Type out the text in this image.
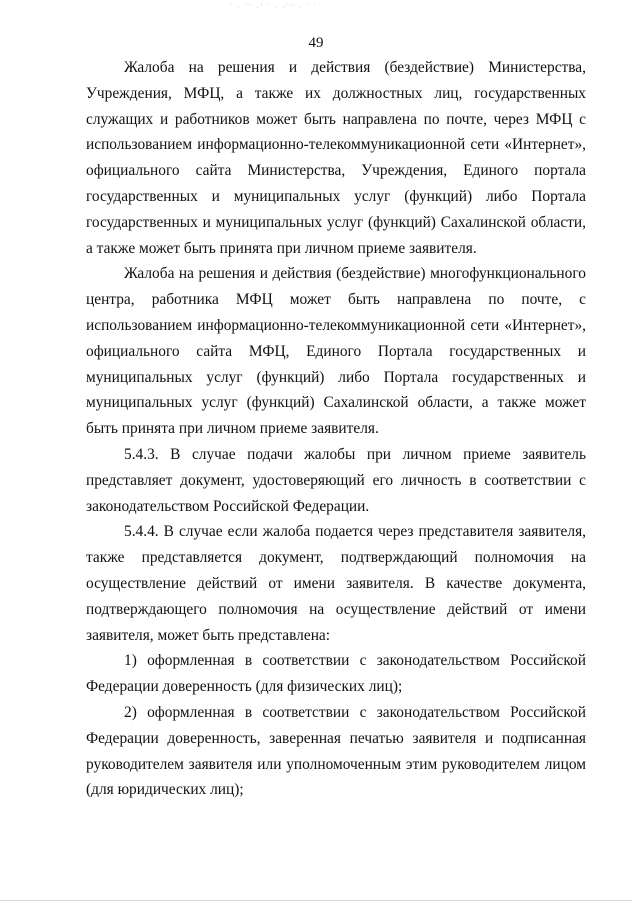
· ˏ ·˴ ˎ˴ · ˏ ˎ˴˴ ˏ · ·
49

Жалоба на решения и действия (бездействие) Министерства, Учреждения, МФЦ, а также их должностных лиц, государственных служащих и работников может быть направлена по почте, через МФЦ с использованием информационно-телекоммуникационной сети «Интернет», официального сайта Министерства, Учреждения, Единого портала государственных и муниципальных услуг (функций) либо Портала государственных и муниципальных услуг (функций) Сахалинской области, а также может быть принята при личном приеме заявителя.

Жалоба на решения и действия (бездействие) многофункционального центра, работника МФЦ может быть направлена по почте, с использованием информационно-телекоммуникационной сети «Интернет», официального сайта МФЦ, Единого Портала государственных и муниципальных услуг (функций) либо Портала государственных и муниципальных услуг (функций) Сахалинской области, а также может быть принята при личном приеме заявителя.

5.4.3. В случае подачи жалобы при личном приеме заявитель представляет документ, удостоверяющий его личность в соответствии с законодательством Российской Федерации.

5.4.4. В случае если жалоба подается через представителя заявителя, также представляется документ, подтверждающий полномочия на осуществление действий от имени заявителя. В качестве документа, подтверждающего полномочия на осуществление действий от имени заявителя, может быть представлена:

1) оформленная в соответствии с законодательством Российской Федерации доверенность (для физических лиц);

2) оформленная в соответствии с законодательством Российской Федерации доверенность, заверенная печатью заявителя и подписанная руководителем заявителя или уполномоченным этим руководителем лицом (для юридических лиц);
